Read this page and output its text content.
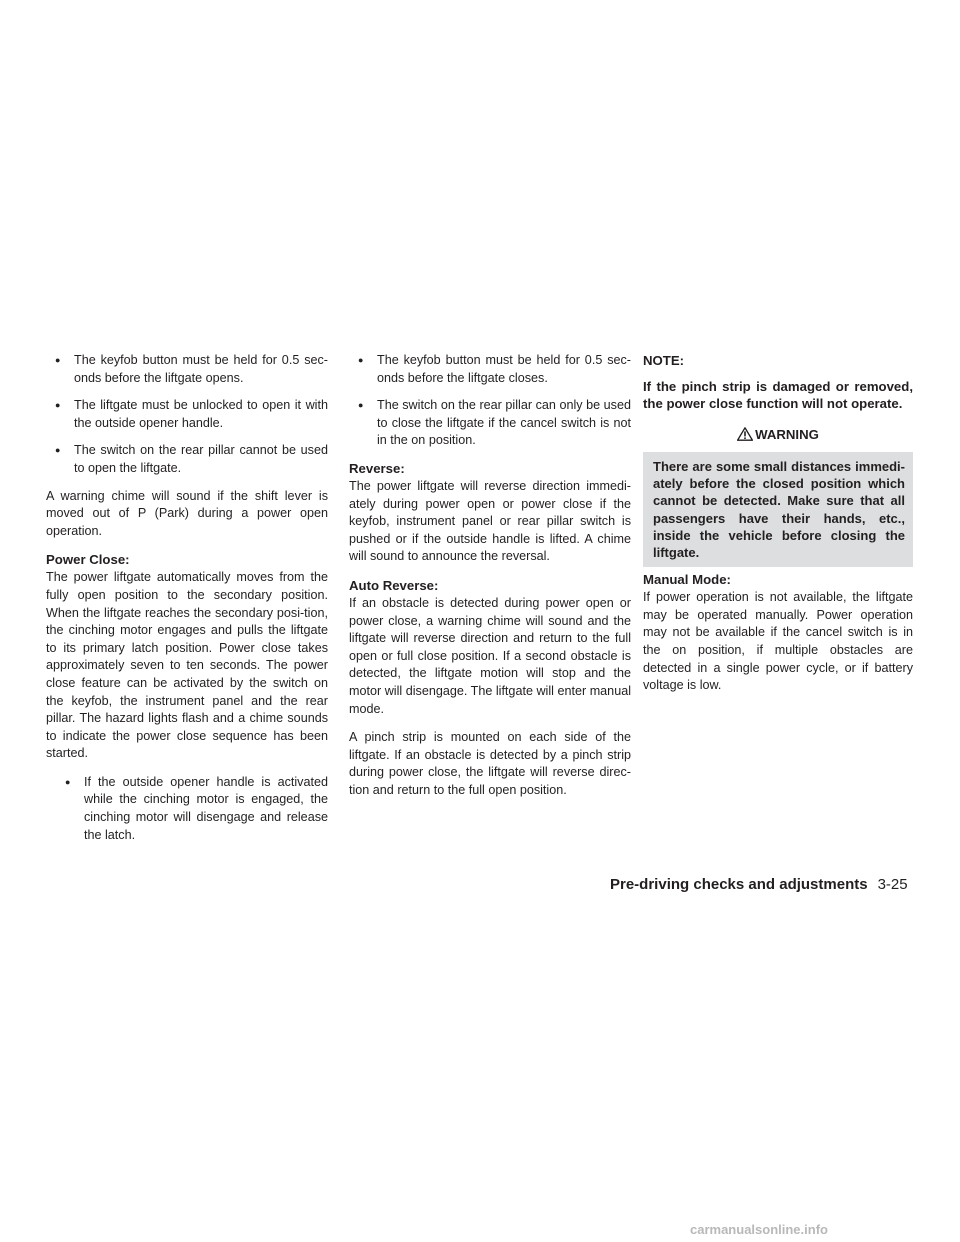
● The keyfob button must be held for 0.5 sec-onds before the liftgate opens.
● The liftgate must be unlocked to open it with the outside opener handle.
● The switch on the rear pillar cannot be used to open the liftgate.

A warning chime will sound if the shift lever is moved out of P (Park) during a power open operation.

Power Close:

The power liftgate automatically moves from the fully open position to the secondary position. When the liftgate reaches the secondary posi-tion, the cinching motor engages and pulls the liftgate to its primary latch position. Power close takes approximately seven to ten seconds. The power close feature can be activated by the switch on the keyfob, the instrument panel and the rear pillar. The hazard lights flash and a chime sounds to indicate the power close sequence has been started.

● If the outside opener handle is activated while the cinching motor is engaged, the cinching motor will disengage and release the latch.
● The keyfob button must be held for 0.5 sec-onds before the liftgate closes.
● The switch on the rear pillar can only be used to close the liftgate if the cancel switch is not in the on position.
Reverse:

The power liftgate will reverse direction immedi-ately during power open or power close if the keyfob, instrument panel or rear pillar switch is pushed or if the outside handle is lifted. A chime will sound to announce the reversal.

Auto Reverse:

If an obstacle is detected during power open or power close, a warning chime will sound and the liftgate will reverse direction and return to the full open or full close position. If a second obstacle is detected, the liftgate motion will stop and the motor will disengage. The liftgate will enter manual mode.

A pinch strip is mounted on each side of the liftgate. If an obstacle is detected by a pinch strip during power close, the liftgate will reverse direc-tion and return to the full open position.

NOTE:
If the pinch strip is damaged or removed, the power close function will not operate.
WARNING
There are some small distances immedi-ately before the closed position which cannot be detected. Make sure that all passengers have their hands, etc., inside the vehicle before closing the liftgate.
Manual Mode:

If power operation is not available, the liftgate may be operated manually. Power operation may not be available if the cancel switch is in the on position, if multiple obstacles are detected in a single power cycle, or if battery voltage is low.

Pre-driving checks and adjustments 3-25
carmanualsonline.info
